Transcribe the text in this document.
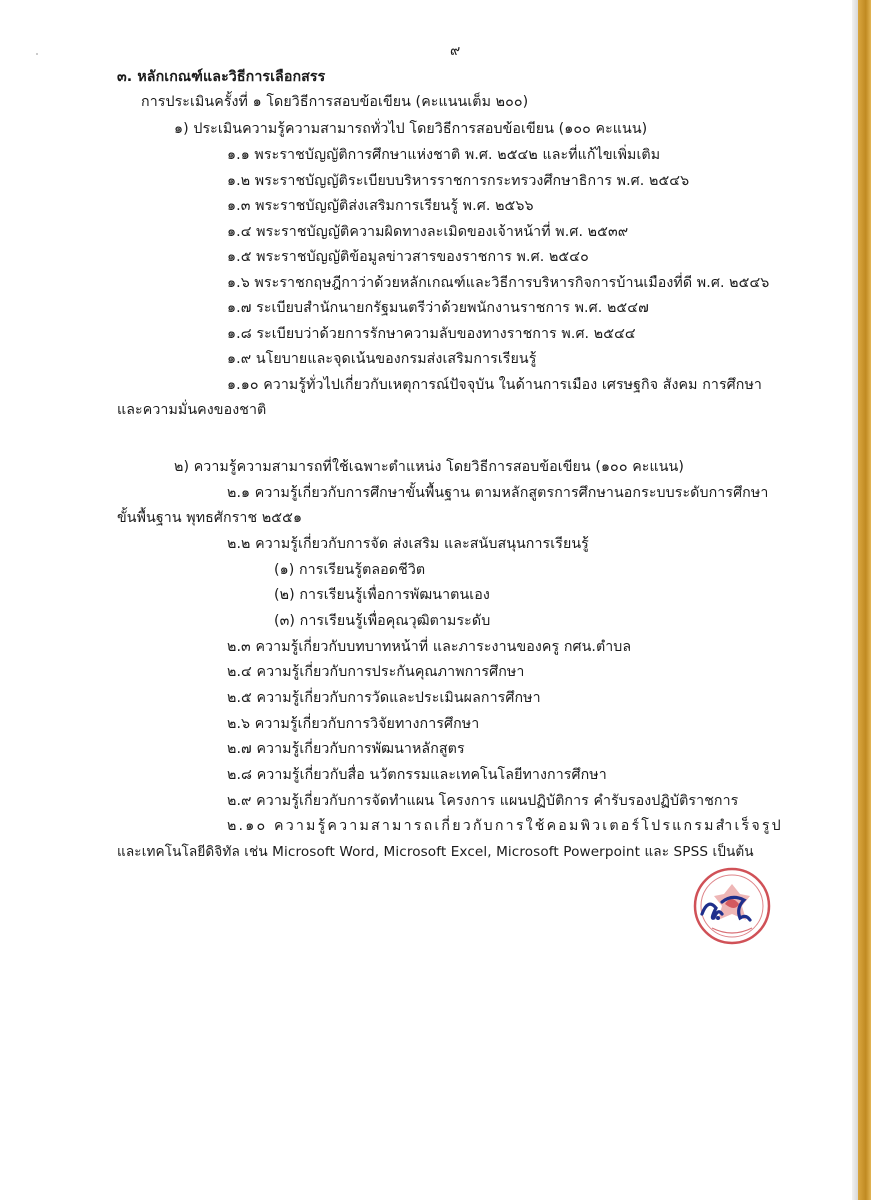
๙
๓. หลักเกณฑ์และวิธีการเลือกสรร
การประเมินครั้งที่ ๑ โดยวิธีการสอบข้อเขียน (คะแนนเต็ม ๒๐๐)
๑) ประเมินความรู้ความสามารถทั่วไป โดยวิธีการสอบข้อเขียน (๑๐๐ คะแนน)
๑.๑ พระราชบัญญัติการศึกษาแห่งชาติ พ.ศ. ๒๕๔๒ และที่แก้ไขเพิ่มเติม
๑.๒ พระราชบัญญัติระเบียบบริหารราชการกระทรวงศึกษาธิการ พ.ศ. ๒๕๔๖
๑.๓ พระราชบัญญัติส่งเสริมการเรียนรู้ พ.ศ. ๒๕๖๖
๑.๔ พระราชบัญญัติความผิดทางละเมิดของเจ้าหน้าที่ พ.ศ. ๒๕๓๙
๑.๕ พระราชบัญญัติข้อมูลข่าวสารของราชการ พ.ศ. ๒๕๔๐
๑.๖ พระราชกฤษฎีกาว่าด้วยหลักเกณฑ์และวิธีการบริหารกิจการบ้านเมืองที่ดี พ.ศ. ๒๕๔๖
๑.๗ ระเบียบสำนักนายกรัฐมนตรีว่าด้วยพนักงานราชการ พ.ศ. ๒๕๔๗
๑.๘ ระเบียบว่าด้วยการรักษาความลับของทางราชการ พ.ศ. ๒๕๔๔
๑.๙ นโยบายและจุดเน้นของกรมส่งเสริมการเรียนรู้
๑.๑๐ ความรู้ทั่วไปเกี่ยวกับเหตุการณ์ปัจจุบัน ในด้านการเมือง เศรษฐกิจ สังคม การศึกษา
และความมั่นคงของชาติ
๒) ความรู้ความสามารถที่ใช้เฉพาะตำแหน่ง โดยวิธีการสอบข้อเขียน (๑๐๐ คะแนน)
๒.๑ ความรู้เกี่ยวกับการศึกษาขั้นพื้นฐาน ตามหลักสูตรการศึกษานอกระบบระดับการศึกษา
ขั้นพื้นฐาน พุทธศักราช ๒๕๕๑
๒.๒ ความรู้เกี่ยวกับการจัด ส่งเสริม และสนับสนุนการเรียนรู้
(๑) การเรียนรู้ตลอดชีวิต
(๒) การเรียนรู้เพื่อการพัฒนาตนเอง
(๓) การเรียนรู้เพื่อคุณวุฒิตามระดับ
๒.๓ ความรู้เกี่ยวกับบทบาทหน้าที่ และภาระงานของครู กศน.ตำบล
๒.๔ ความรู้เกี่ยวกับการประกันคุณภาพการศึกษา
๒.๕ ความรู้เกี่ยวกับการวัดและประเมินผลการศึกษา
๒.๖ ความรู้เกี่ยวกับการวิจัยทางการศึกษา
๒.๗ ความรู้เกี่ยวกับการพัฒนาหลักสูตร
๒.๘ ความรู้เกี่ยวกับสื่อ นวัตกรรมและเทคโนโลยีทางการศึกษา
๒.๙ ความรู้เกี่ยวกับการจัดทำแผน โครงการ แผนปฏิบัติการ คำรับรองปฏิบัติราชการ
๒.๑๐ ความรู้ความสามารถเกี่ยวกับการใช้คอมพิวเตอร์โปรแกรมสำเร็จรูป
และเทคโนโลยีดิจิทัล เช่น Microsoft Word, Microsoft Excel, Microsoft Powerpoint และ SPSS เป็นต้น
